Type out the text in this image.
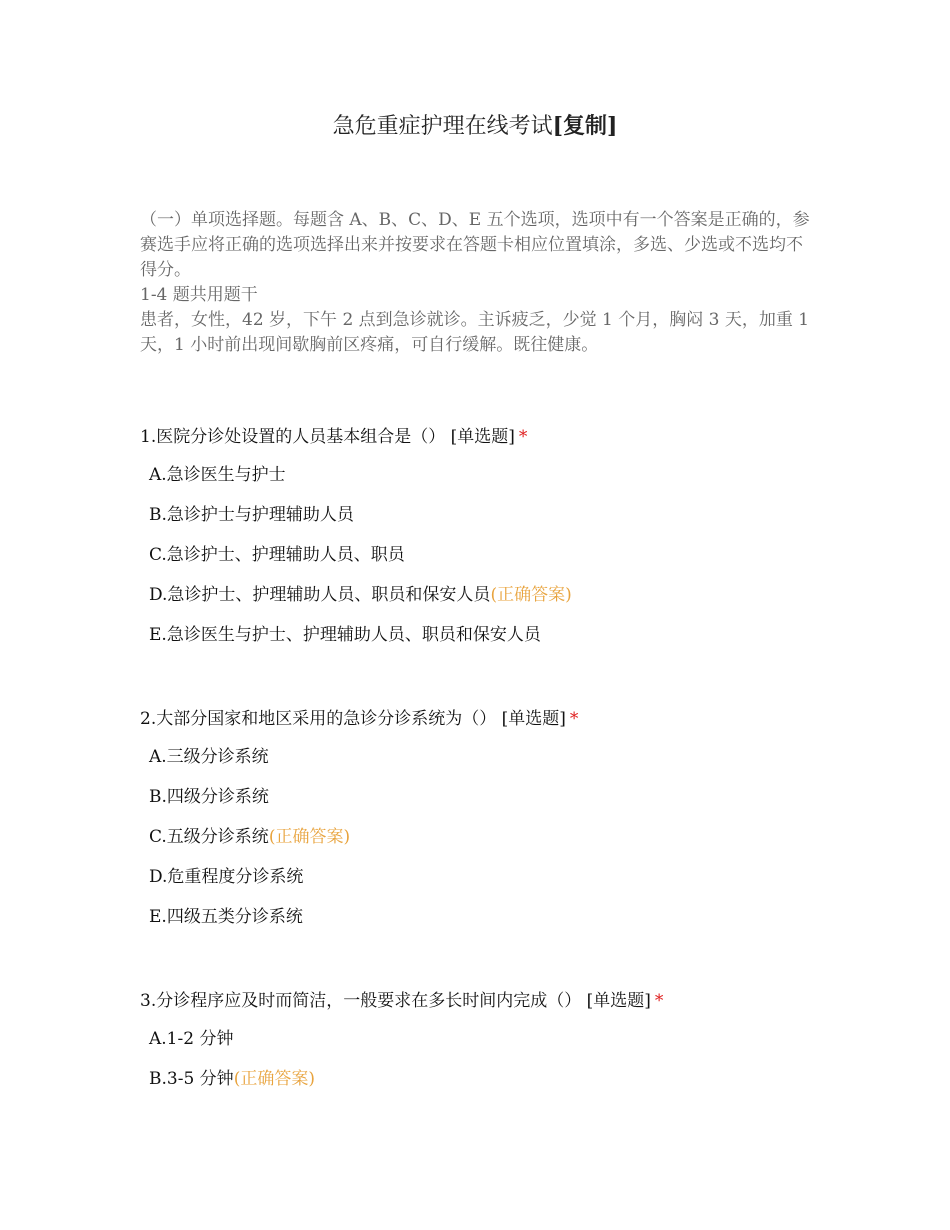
急危重症护理在线考试[复制]

（一）单项选择题。每题含 A、B、C、D、E 五个选项，选项中有一个答案是正确的，参赛选手应将正确的选项选择出来并按要求在答题卡相应位置填涂，多选、少选或不选均不得分。

1-4 题共用题干

患者，女性，42 岁，下午 2 点到急诊就诊。主诉疲乏，少觉 1 个月，胸闷 3 天，加重 1 天，1 小时前出现间歇胸前区疼痛，可自行缓解。既往健康。

1.医院分诊处设置的人员基本组合是（） [单选题] *
A.急诊医生与护士
B.急诊护士与护理辅助人员
C.急诊护士、护理辅助人员、职员
D.急诊护士、护理辅助人员、职员和保安人员(正确答案)
E.急诊医生与护士、护理辅助人员、职员和保安人员
2.大部分国家和地区采用的急诊分诊系统为（） [单选题] *
A.三级分诊系统
B.四级分诊系统
C.五级分诊系统(正确答案)
D.危重程度分诊系统
E.四级五类分诊系统
3.分诊程序应及时而简洁，一般要求在多长时间内完成（） [单选题] *
A.1-2 分钟
B.3-5 分钟(正确答案)
